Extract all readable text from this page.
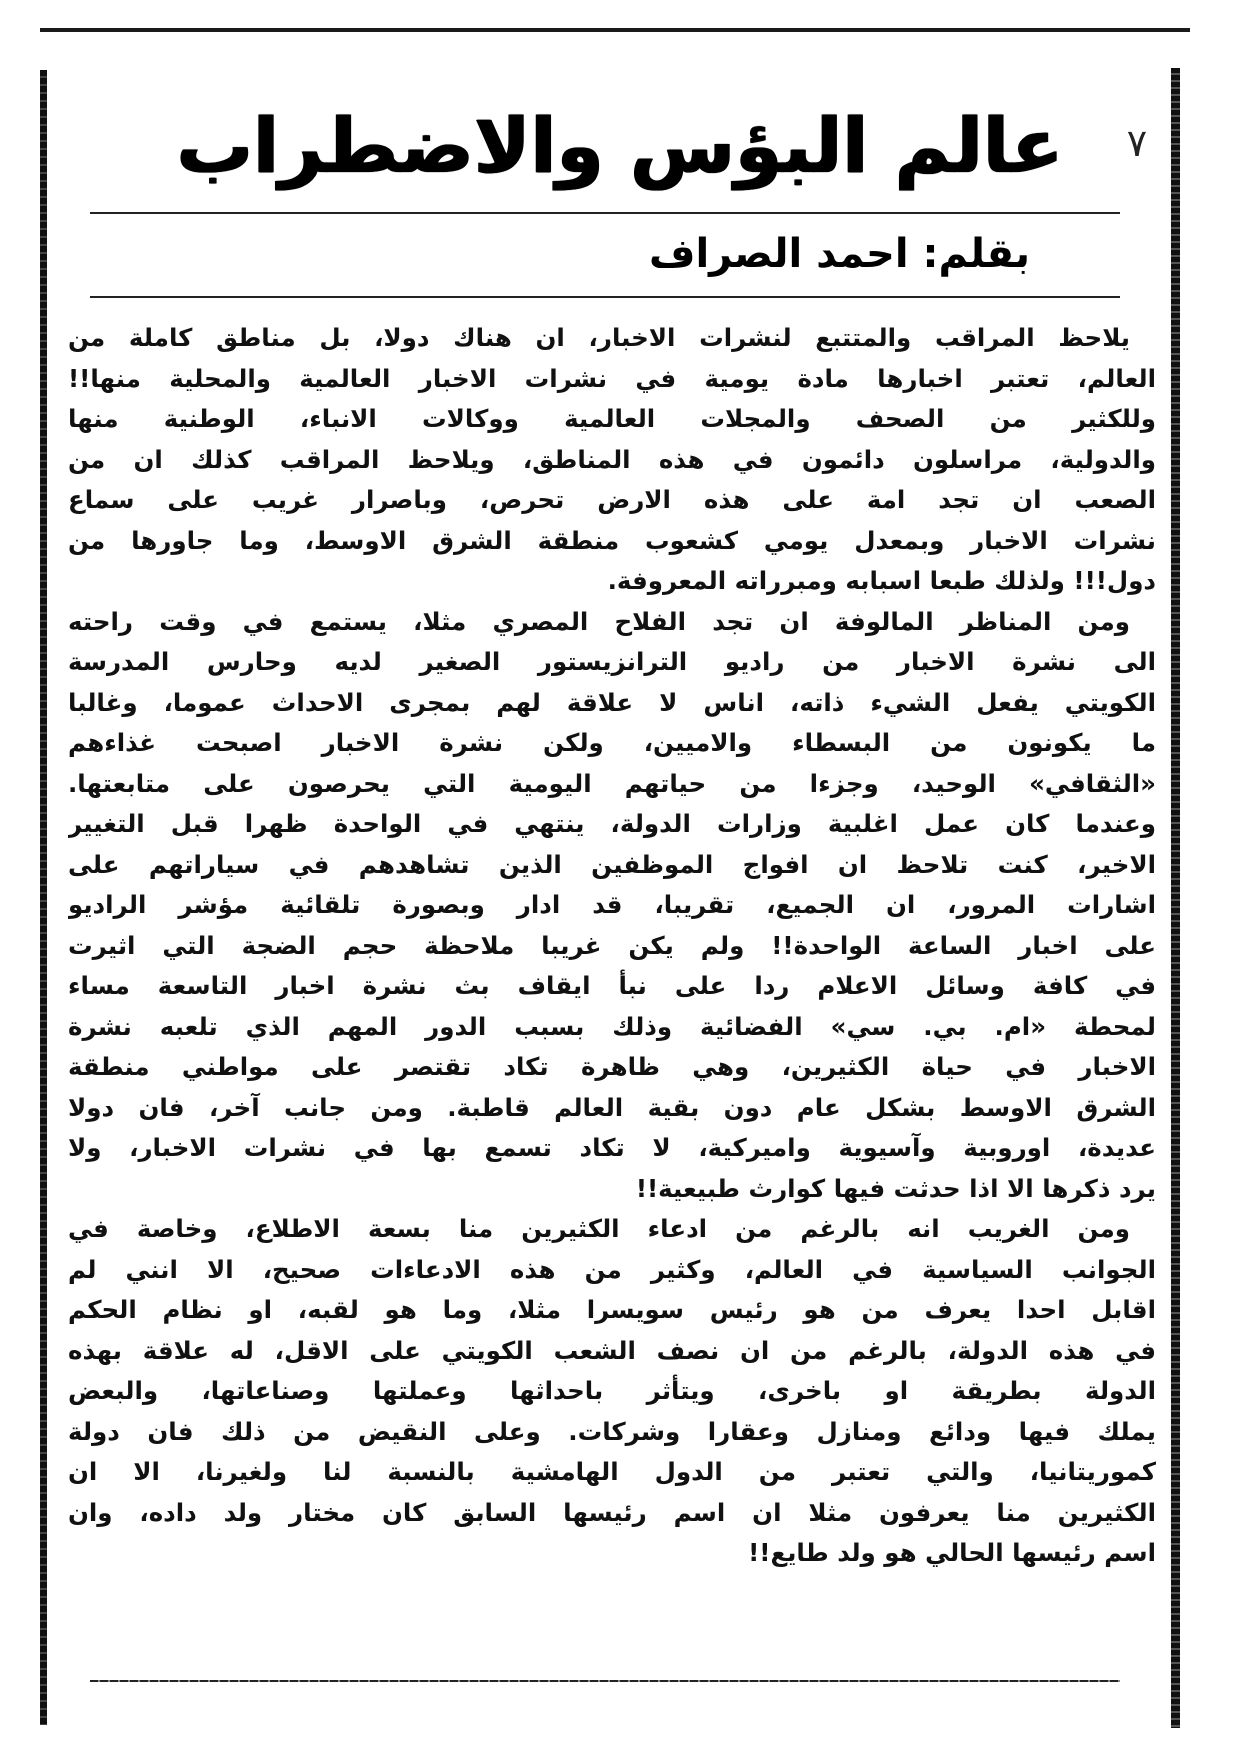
٧
عالم البؤس والاضطراب
بقلم: احمد الصراف
يلاحظ المراقب والمتتبع لنشرات الاخبار، ان هناك دولا، بل مناطق كاملة من
العالم، تعتبر اخبارها مادة يومية في نشرات الاخبار العالمية والمحلية منها!!
وللكثير من الصحف والمجلات العالمية ووكالات الانباء، الوطنية منها
والدولية، مراسلون دائمون في هذه المناطق، ويلاحظ المراقب كذلك ان من
الصعب ان تجد امة على هذه الارض تحرص، وباصرار غريب على سماع
نشرات الاخبار وبمعدل يومي كشعوب منطقة الشرق الاوسط، وما جاورها من
دول!!! ولذلك طبعا اسبابه ومبرراته المعروفة.
ومن المناظر المالوفة ان تجد الفلاح المصري مثلا، يستمع في وقت راحته
الى نشرة الاخبار من راديو الترانزيستور الصغير لديه وحارس المدرسة
الكويتي يفعل الشيء ذاته، اناس لا علاقة لهم بمجرى الاحداث عموما، وغالبا
ما يكونون من البسطاء والاميين، ولكن نشرة الاخبار اصبحت غذاءهم
«الثقافي» الوحيد، وجزءا من حياتهم اليومية التي يحرصون على متابعتها.
وعندما كان عمل اغلبية وزارات الدولة، ينتهي في الواحدة ظهرا قبل التغيير
الاخير، كنت تلاحظ ان افواج الموظفين الذين تشاهدهم في سياراتهم على
اشارات المرور، ان الجميع، تقريبا، قد ادار وبصورة تلقائية مؤشر الراديو
على اخبار الساعة الواحدة!! ولم يكن غريبا ملاحظة حجم الضجة التي اثيرت
في كافة وسائل الاعلام ردا على نبأ ايقاف بث نشرة اخبار التاسعة مساء
لمحطة «ام. بي. سي» الفضائية وذلك بسبب الدور المهم الذي تلعبه نشرة
الاخبار في حياة الكثيرين، وهي ظاهرة تكاد تقتصر على مواطني منطقة
الشرق الاوسط بشكل عام دون بقية العالم قاطبة. ومن جانب آخر، فان دولا
عديدة، اوروبية وآسيوية واميركية، لا تكاد تسمع بها في نشرات الاخبار، ولا
يرد ذكرها الا اذا حدثت فيها كوارث طبيعية!!
ومن الغريب انه بالرغم من ادعاء الكثيرين منا بسعة الاطلاع، وخاصة في
الجوانب السياسية في العالم، وكثير من هذه الادعاءات صحيح، الا انني لم
اقابل احدا يعرف من هو رئيس سويسرا مثلا، وما هو لقبه، او نظام الحكم
في هذه الدولة، بالرغم من ان نصف الشعب الكويتي على الاقل، له علاقة بهذه
الدولة بطريقة او باخرى، ويتأثر باحداثها وعملتها وصناعاتها، والبعض
يملك فيها ودائع ومنازل وعقارا وشركات. وعلى النقيض من ذلك فان دولة
كموريتانيا، والتي تعتبر من الدول الهامشية بالنسبة لنا ولغيرنا، الا ان
الكثيرين منا يعرفون مثلا ان اسم رئيسها السابق كان مختار ولد داده، وان
اسم رئيسها الحالي هو ولد طايع!!
